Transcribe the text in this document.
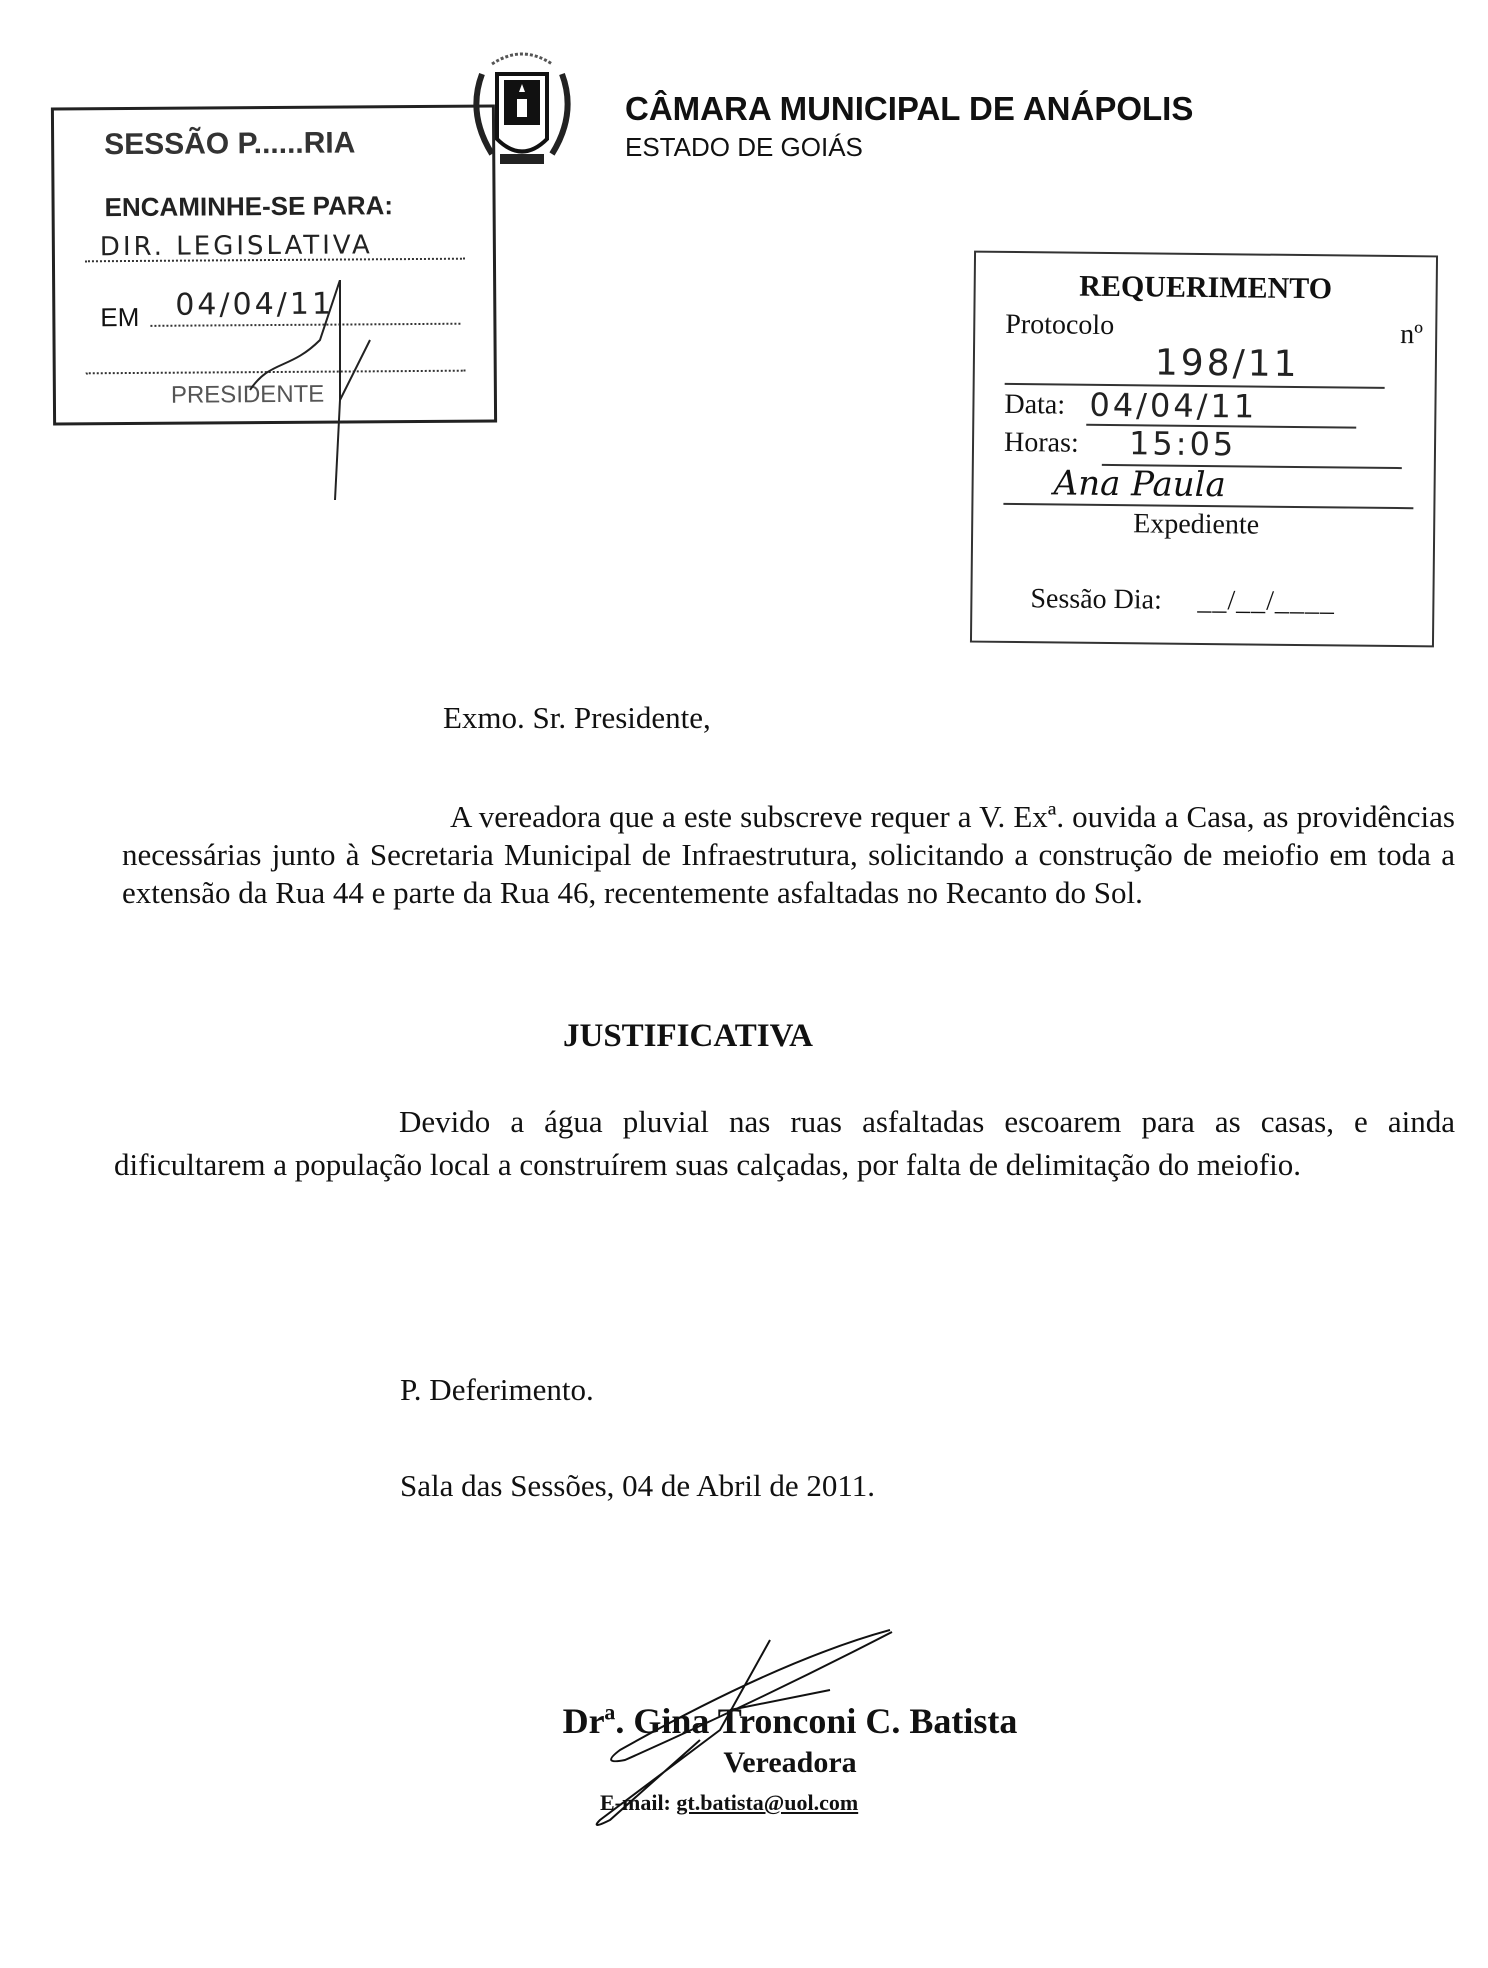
SESSÃO P......RIA
ENCAMINHE-SE PARA:
DIR. LEGISLATIVA
EM 04/04/11
PRESIDENTE
CÂMARA MUNICIPAL DE ANÁPOLIS
ESTADO DE GOIÁS
REQUERIMENTO
Protocolo	nº
198/11
Data: 04/04/11
Horas: 15:05
Ana Paula
Expediente
Sessão Dia: __/__/____
Exmo. Sr. Presidente,
A vereadora que a este subscreve requer a V. Exª. ouvida a Casa, as providências necessárias junto à Secretaria Municipal de Infraestrutura, solicitando a construção de meiofio em toda a extensão da Rua 44 e parte da Rua 46, recentemente asfaltadas no Recanto do Sol.
JUSTIFICATIVA
Devido a água pluvial nas ruas asfaltadas escoarem para as casas, e ainda dificultarem a população local a construírem suas calçadas, por falta de delimitação do meiofio.
P. Deferimento.
Sala das Sessões, 04 de Abril de 2011.
Drª. Gina Tronconi C. Batista
Vereadora
E-mail: gt.batista@uol.com
